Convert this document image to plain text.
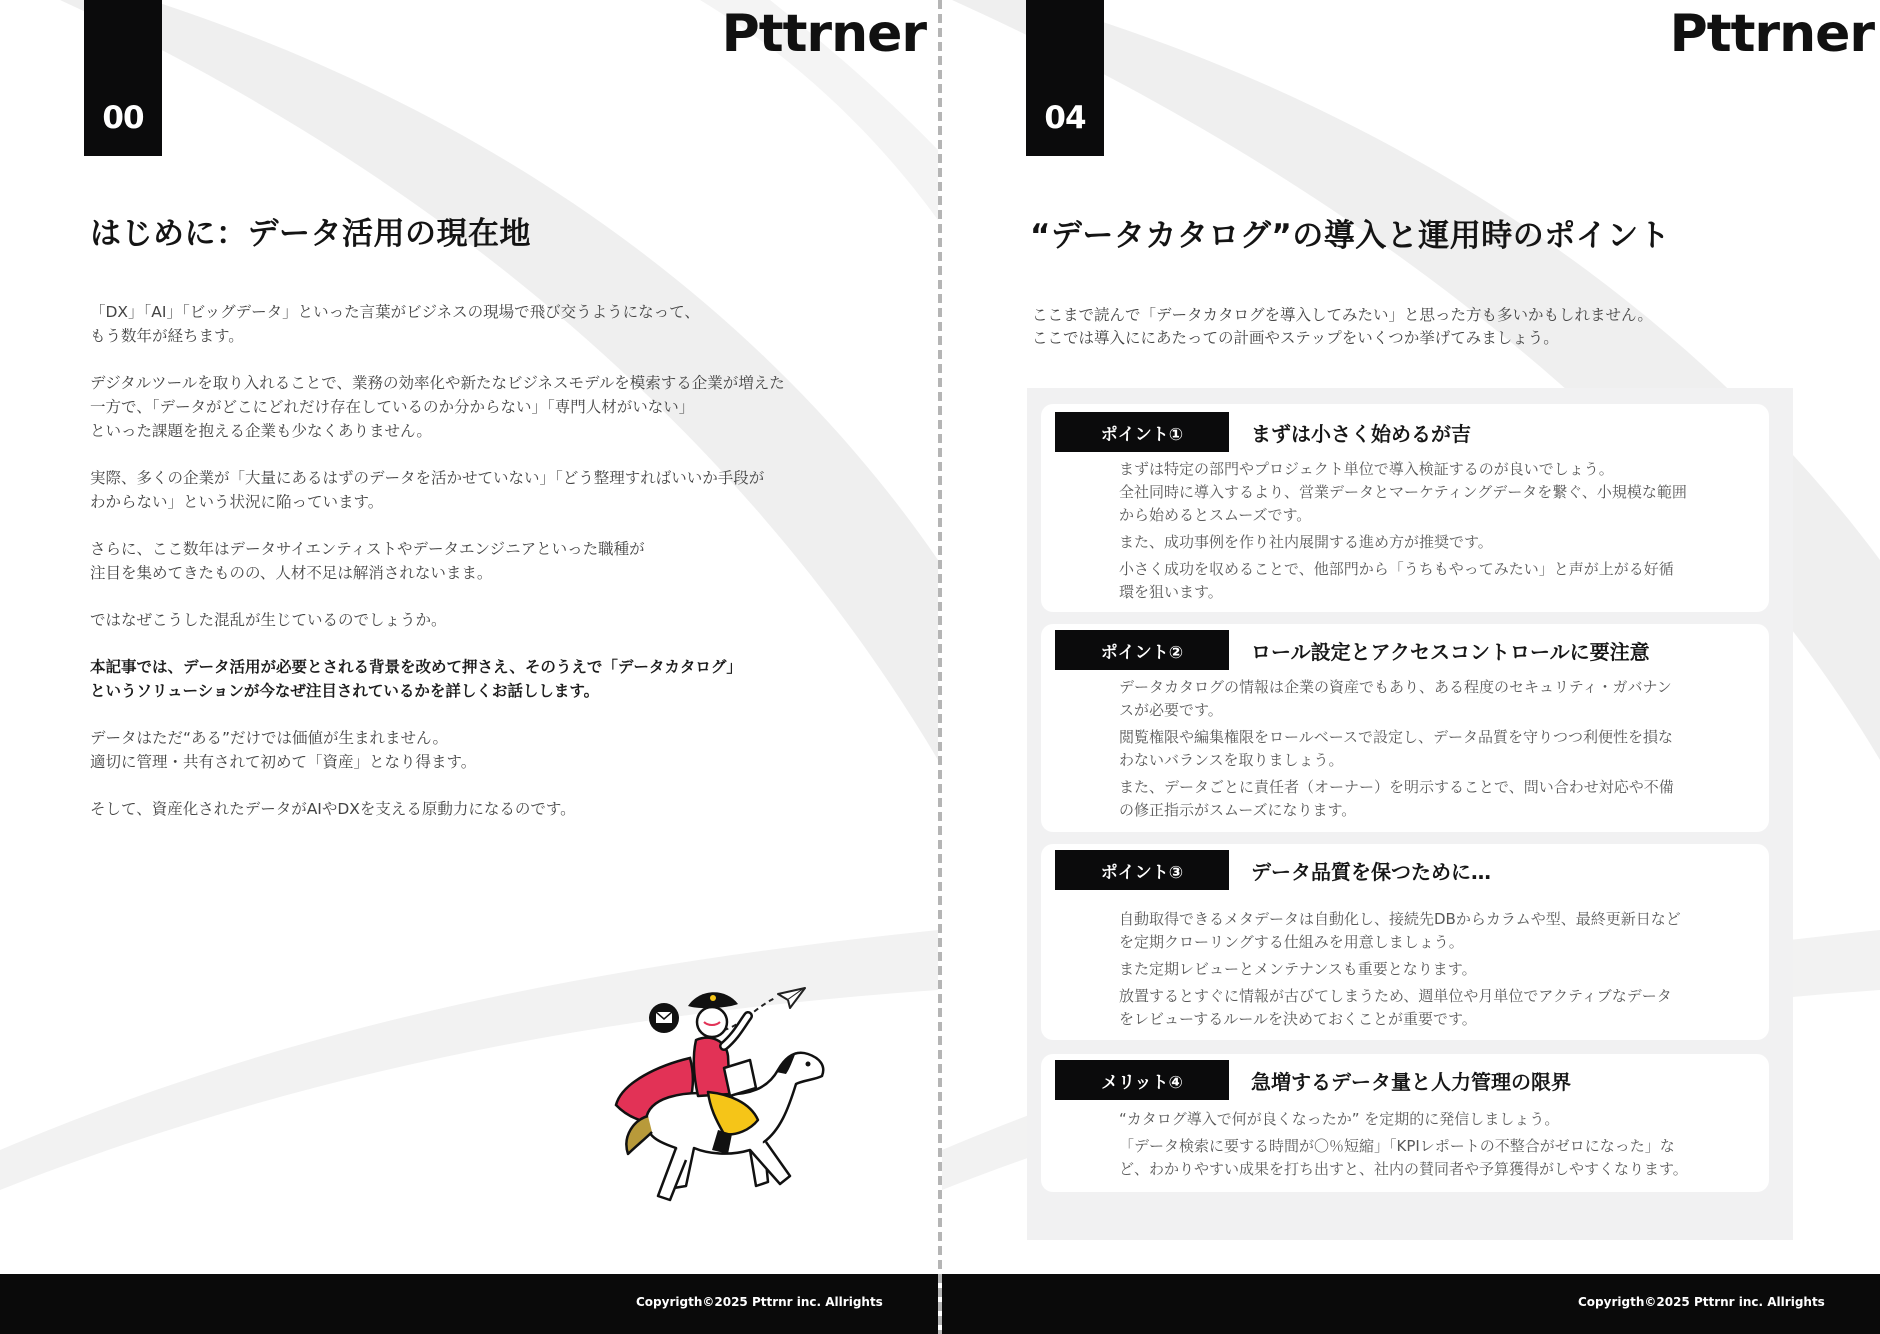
00
Pttrner
はじめに：データ活用の現在地
「DX」「AI」「ビッグデータ」といった言葉がビジネスの現場で飛び交うようになって、
もう数年が経ちます。
デジタルツールを取り入れることで、業務の効率化や新たなビジネスモデルを模索する企業が増えた
一方で、「データがどこにどれだけ存在しているのか分からない」「専門人材がいない」
といった課題を抱える企業も少なくありません。
実際、多くの企業が「大量にあるはずのデータを活かせていない」「どう整理すればいいか手段が
わからない」という状況に陥っています。
さらに、ここ数年はデータサイエンティストやデータエンジニアといった職種が
注目を集めてきたものの、人材不足は解消されないまま。
ではなぜこうした混乱が生じているのでしょうか。
本記事では、データ活用が必要とされる背景を改めて押さえ、そのうえで「データカタログ」
というソリューションが今なぜ注目されているかを詳しくお話しします。
データはただ“ある”だけでは価値が生まれません。
適切に管理・共有されて初めて「資産」となり得ます。
そして、資産化されたデータがAIやDXを支える原動力になるのです。
Copyrigth©2025 Pttrnr inc. Allrights
04
Pttrner
“データカタログ”の導入と運用時のポイント
ここまで読んで「データカタログを導入してみたい」と思った方も多いかもしれません。
ここでは導入ににあたっての計画やステップをいくつか挙げてみましょう。
ポイント①	まずは小さく始めるが吉
まずは特定の部門やプロジェクト単位で導入検証するのが良いでしょう。
全社同時に導入するより、営業データとマーケティングデータを繋ぐ、小規模な範囲
から始めるとスムーズです。
また、成功事例を作り社内展開する進め方が推奨です。
小さく成功を収めることで、他部門から「うちもやってみたい」と声が上がる好循
環を狙います。
ポイント②	ロール設定とアクセスコントロールに要注意
データカタログの情報は企業の資産でもあり、ある程度のセキュリティ・ガバナン
スが必要です。
閲覧権限や編集権限をロールベースで設定し、データ品質を守りつつ利便性を損な
わないバランスを取りましょう。
また、データごとに責任者（オーナー）を明示することで、問い合わせ対応や不備
の修正指示がスムーズになります。
ポイント③	データ品質を保つために…
自動取得できるメタデータは自動化し、接続先DBからカラムや型、最終更新日など
を定期クローリングする仕組みを用意しましょう。
また定期レビューとメンテナンスも重要となります。
放置するとすぐに情報が古びてしまうため、週単位や月単位でアクティブなデータ
をレビューするルールを決めておくことが重要です。
メリット④	急増するデータ量と人力管理の限界
“カタログ導入で何が良くなったか” を定期的に発信しましょう。
「データ検索に要する時間が〇％短縮」「KPIレポートの不整合がゼロになった」な
ど、わかりやすい成果を打ち出すと、社内の賛同者や予算獲得がしやすくなります。
Copyrigth©2025 Pttrnr inc. Allrights
